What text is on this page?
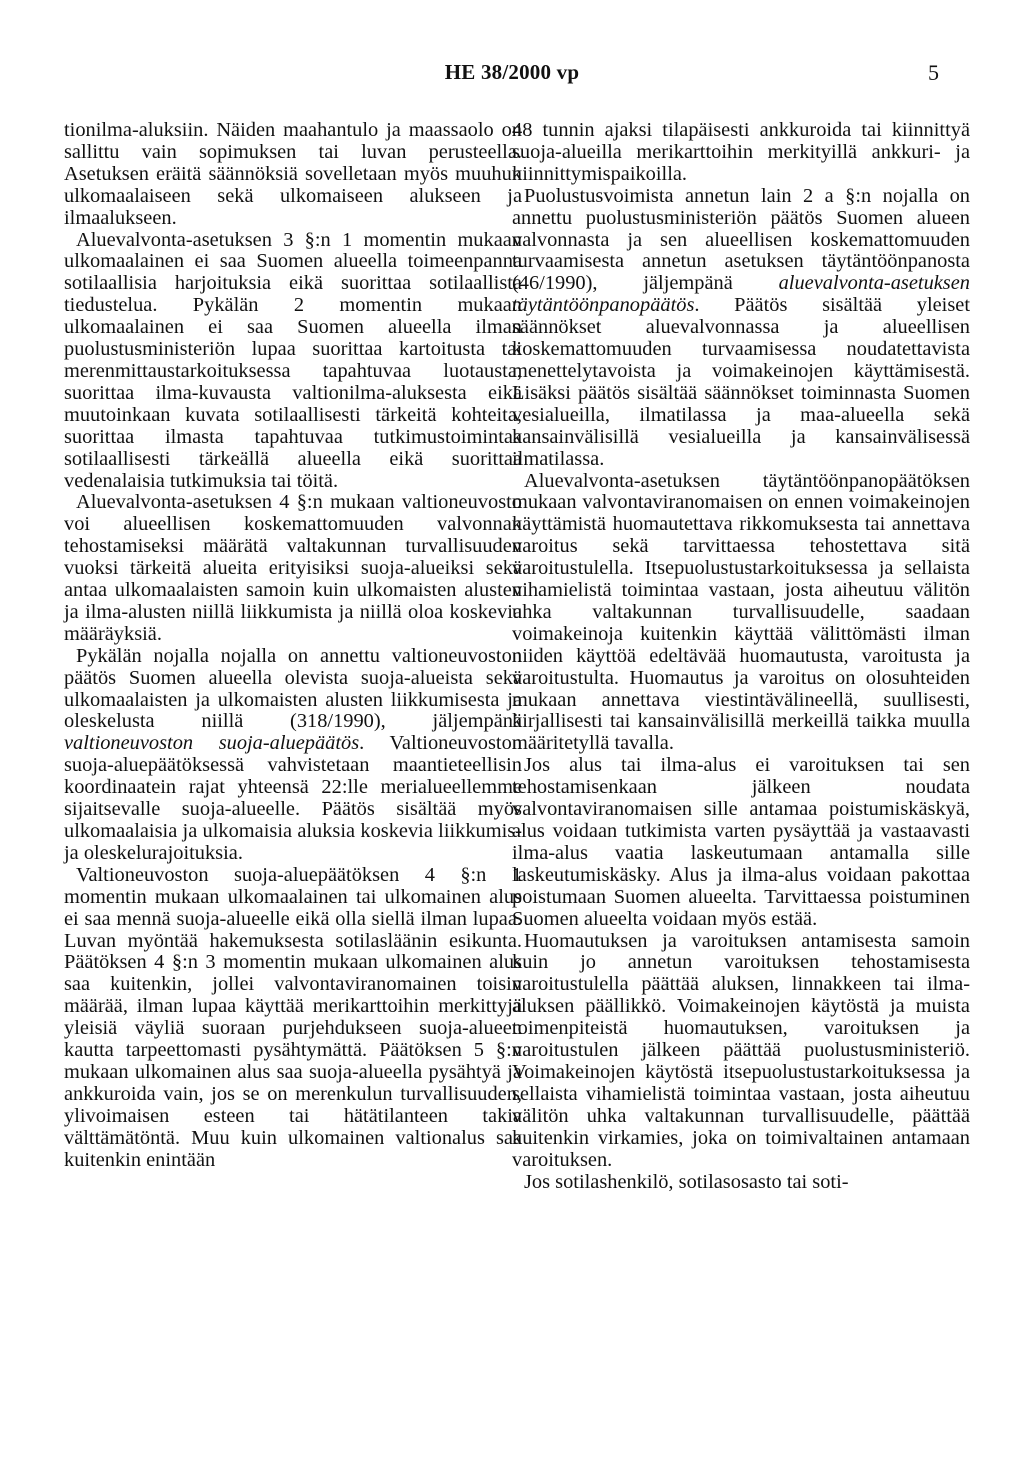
HE 38/2000 vp	5

tionilma-aluksiin. Näiden maahantulo ja maassaolo on sallittu vain sopimuksen tai luvan perusteella. Asetuksen eräitä säännöksiä sovelletaan myös muuhun ulkomaalaiseen sekä ulkomaiseen alukseen ja ilmaalukseen.

Aluevalvonta-asetuksen 3 §:n 1 momentin mukaan ulkomaalainen ei saa Suomen alueella toimeenpanna sotilaallisia harjoituksia eikä suorittaa sotilaallista tiedustelua. Pykälän 2 momentin mukaan ulkomaalainen ei saa Suomen alueella ilman puolustusministeriön lupaa suorittaa kartoitusta tai merenmittaustarkoituksessa tapahtuvaa luotausta, suorittaa ilma-kuvausta valtionilma-aluksesta eikä muutoinkaan kuvata sotilaallisesti tärkeitä kohteita, suorittaa ilmasta tapahtuvaa tutkimustoimintaa sotilaallisesti tärkeällä alueella eikä suorittaa vedenalaisia tutkimuksia tai töitä.

Aluevalvonta-asetuksen 4 §:n mukaan valtioneuvosto voi alueellisen koskemattomuuden valvonnan tehostamiseksi määrätä valtakunnan turvallisuuden vuoksi tärkeitä alueita erityisiksi suoja-alueiksi sekä antaa ulkomaalaisten samoin kuin ulkomaisten alusten ja ilma-alusten niillä liikkumista ja niillä oloa koskevia määräyksiä.

Pykälän nojalla nojalla on annettu valtioneuvoston päätös Suomen alueella olevista suoja-alueista sekä ulkomaalaisten ja ulkomaisten alusten liikkumisesta ja oleskelusta niillä (318/1990), jäljempänä valtioneuvoston suoja-aluepäätös. Valtioneuvoston suoja-aluepäätöksessä vahvistetaan maantieteellisin koordinaatein rajat yhteensä 22:lle merialueellemme sijaitsevalle suoja-alueelle. Päätös sisältää myös ulkomaalaisia ja ulkomaisia aluksia koskevia liikkumis- ja oleskelurajoituksia.

Valtioneuvoston suoja-aluepäätöksen 4 §:n 1 momentin mukaan ulkomaalainen tai ulkomainen alus ei saa mennä suoja-alueelle eikä olla siellä ilman lupaa. Luvan myöntää hakemuksesta sotilasläänin esikunta. Päätöksen 4 §:n 3 momentin mukaan ulkomainen alus saa kuitenkin, jollei valvontaviranomainen toisin määrää, ilman lupaa käyttää merikarttoihin merkittyjä yleisiä väyliä suoraan purjehdukseen suoja-alueen kautta tarpeettomasti pysähtymättä. Päätöksen 5 §:n mukaan ulkomainen alus saa suoja-alueella pysähtyä ja ankkuroida vain, jos se on merenkulun turvallisuuden, ylivoimaisen esteen tai hätätilanteen takia välttämätöntä. Muu kuin ulkomainen valtionalus saa kuitenkin enintään

48 tunnin ajaksi tilapäisesti ankkuroida tai kiinnittyä suoja-alueilla merikarttoihin merkityillä ankkuri- ja kiinnittymispaikoilla.

Puolustusvoimista annetun lain 2 a §:n nojalla on annettu puolustusministeriön päätös Suomen alueen valvonnasta ja sen alueellisen koskemattomuuden turvaamisesta annetun asetuksen täytäntöönpanosta (46/1990), jäljempänä aluevalvonta-asetuksen täytäntöönpanopäätös. Päätös sisältää yleiset säännökset aluevalvonnassa ja alueellisen koskemattomuuden turvaamisessa noudatettavista menettelytavoista ja voimakeinojen käyttämisestä. Lisäksi päätös sisältää säännökset toiminnasta Suomen vesialueilla, ilmatilassa ja maa-alueella sekä kansainvälisillä vesialueilla ja kansainvälisessä ilmatilassa.

Aluevalvonta-asetuksen täytäntöönpanopäätöksen mukaan valvontaviranomaisen on ennen voimakeinojen käyttämistä huomautettava rikkomuksesta tai annettava varoitus sekä tarvittaessa tehostettava sitä varoitustulella. Itsepuolustustarkoituksessa ja sellaista vihamielistä toimintaa vastaan, josta aiheutuu välitön uhka valtakunnan turvallisuudelle, saadaan voimakeinoja kuitenkin käyttää välittömästi ilman niiden käyttöä edeltävää huomautusta, varoitusta ja varoitustulta. Huomautus ja varoitus on olosuhteiden mukaan annettava viestintävälineellä, suullisesti, kirjallisesti tai kansainvälisillä merkeillä taikka muulla määritetyllä tavalla.

Jos alus tai ilma-alus ei varoituksen tai sen tehostamisenkaan jälkeen noudata valvontaviranomaisen sille antamaa poistumiskäskyä, alus voidaan tutkimista varten pysäyttää ja vastaavasti ilma-alus vaatia laskeutumaan antamalla sille laskeutumiskäsky. Alus ja ilma-alus voidaan pakottaa poistumaan Suomen alueelta. Tarvittaessa poistuminen Suomen alueelta voidaan myös estää.

Huomautuksen ja varoituksen antamisesta samoin kuin jo annetun varoituksen tehostamisesta varoitustulella päättää aluksen, linnakkeen tai ilma-aluksen päällikkö. Voimakeinojen käytöstä ja muista toimenpiteistä huomautuksen, varoituksen ja varoitustulen jälkeen päättää puolustusministeriö. Voimakeinojen käytöstä itsepuolustustarkoituksessa ja sellaista vihamielistä toimintaa vastaan, josta aiheutuu välitön uhka valtakunnan turvallisuudelle, päättää kuitenkin virkamies, joka on toimivaltainen antamaan varoituksen.

Jos sotilashenkilö, sotilasosasto tai soti-
